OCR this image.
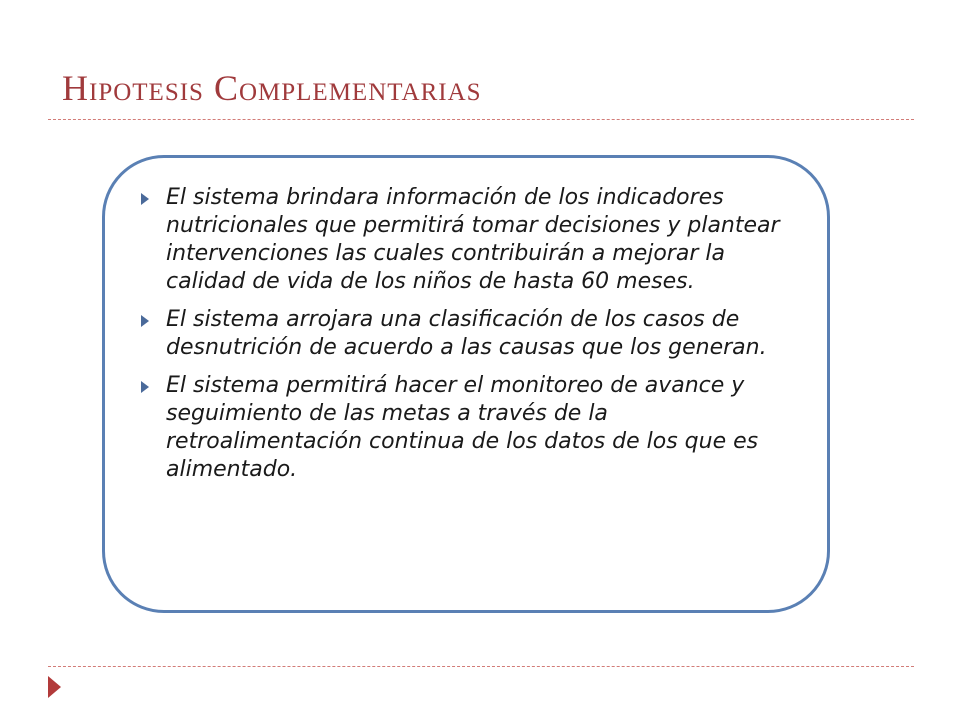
Hipotesis Complementarias
El sistema brindara información de los indicadores nutricionales que permitirá tomar decisiones y plantear intervenciones las cuales contribuirán a mejorar la calidad de vida de los niños de hasta 60 meses.
El sistema arrojara una clasificación de los casos de desnutrición de acuerdo a las causas que los generan.
El sistema permitirá hacer el monitoreo de avance y seguimiento de las metas a través de la retroalimentación continua de los datos de los que es alimentado.
